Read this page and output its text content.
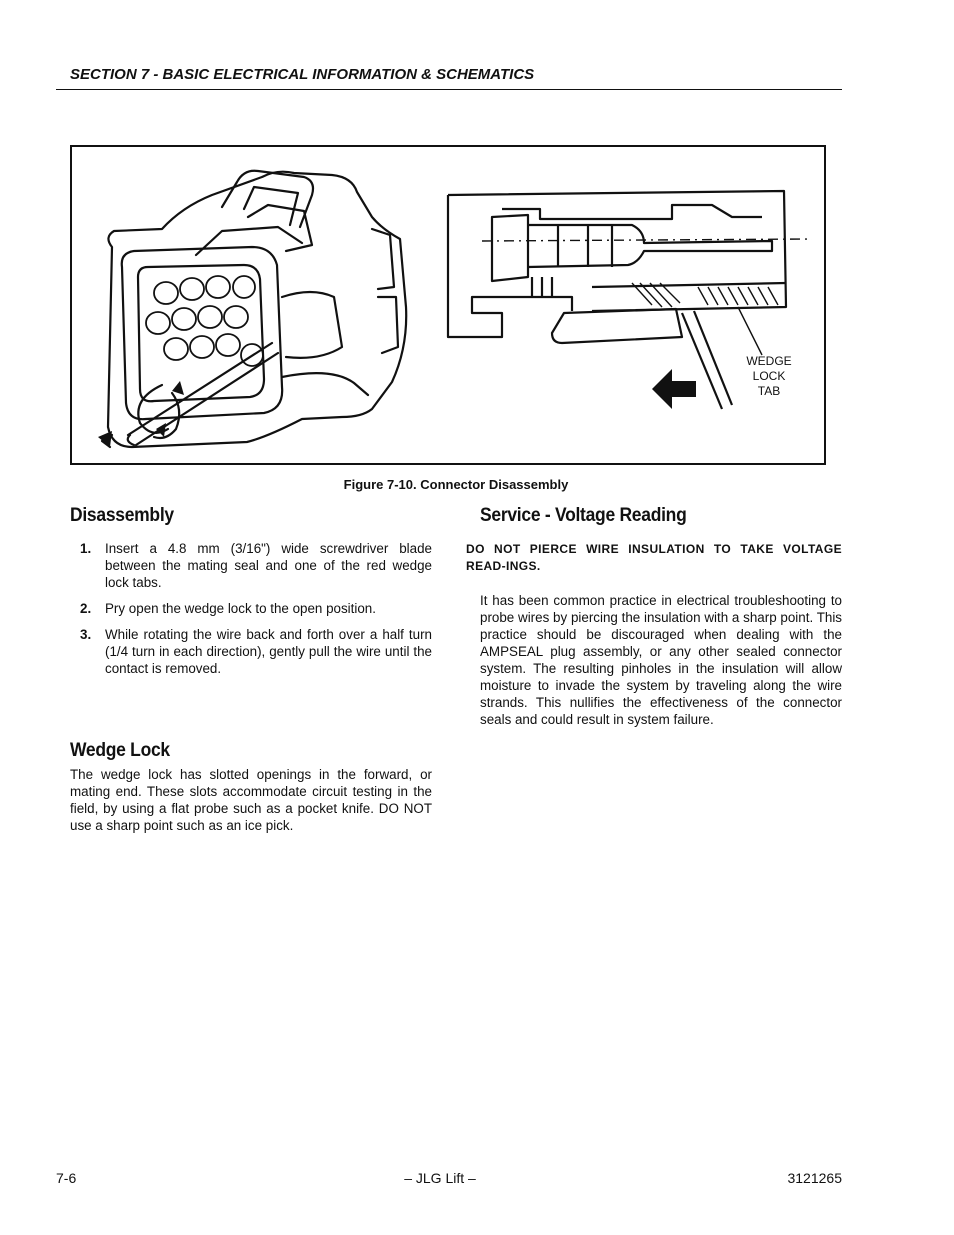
SECTION 7 - BASIC ELECTRICAL INFORMATION & SCHEMATICS
WEDGE
LOCK
TAB
Figure 7-10. Connector Disassembly
Disassembly
1. Insert a 4.8 mm (3/16") wide screwdriver blade between the mating seal and one of the red wedge lock tabs.
2. Pry open the wedge lock to the open position.
3. While rotating the wire back and forth over a half turn (1/4 turn in each direction), gently pull the wire until the contact is removed.
Wedge Lock

The wedge lock has slotted openings in the forward, or mating end. These slots accommodate circuit testing in the field, by using a flat probe such as a pocket knife. DO NOT use a sharp point such as an ice pick.

Service - Voltage Reading
DO NOT PIERCE WIRE INSULATION TO TAKE VOLTAGE READ-INGS.

It has been common practice in electrical troubleshooting to probe wires by piercing the insulation with a sharp point. This practice should be discouraged when dealing with the AMPSEAL plug assembly, or any other sealed connector system. The resulting pinholes in the insulation will allow moisture to invade the system by traveling along the wire strands. This nullifies the effectiveness of the connector seals and could result in system failure.

7-6	– JLG Lift –	3121265
